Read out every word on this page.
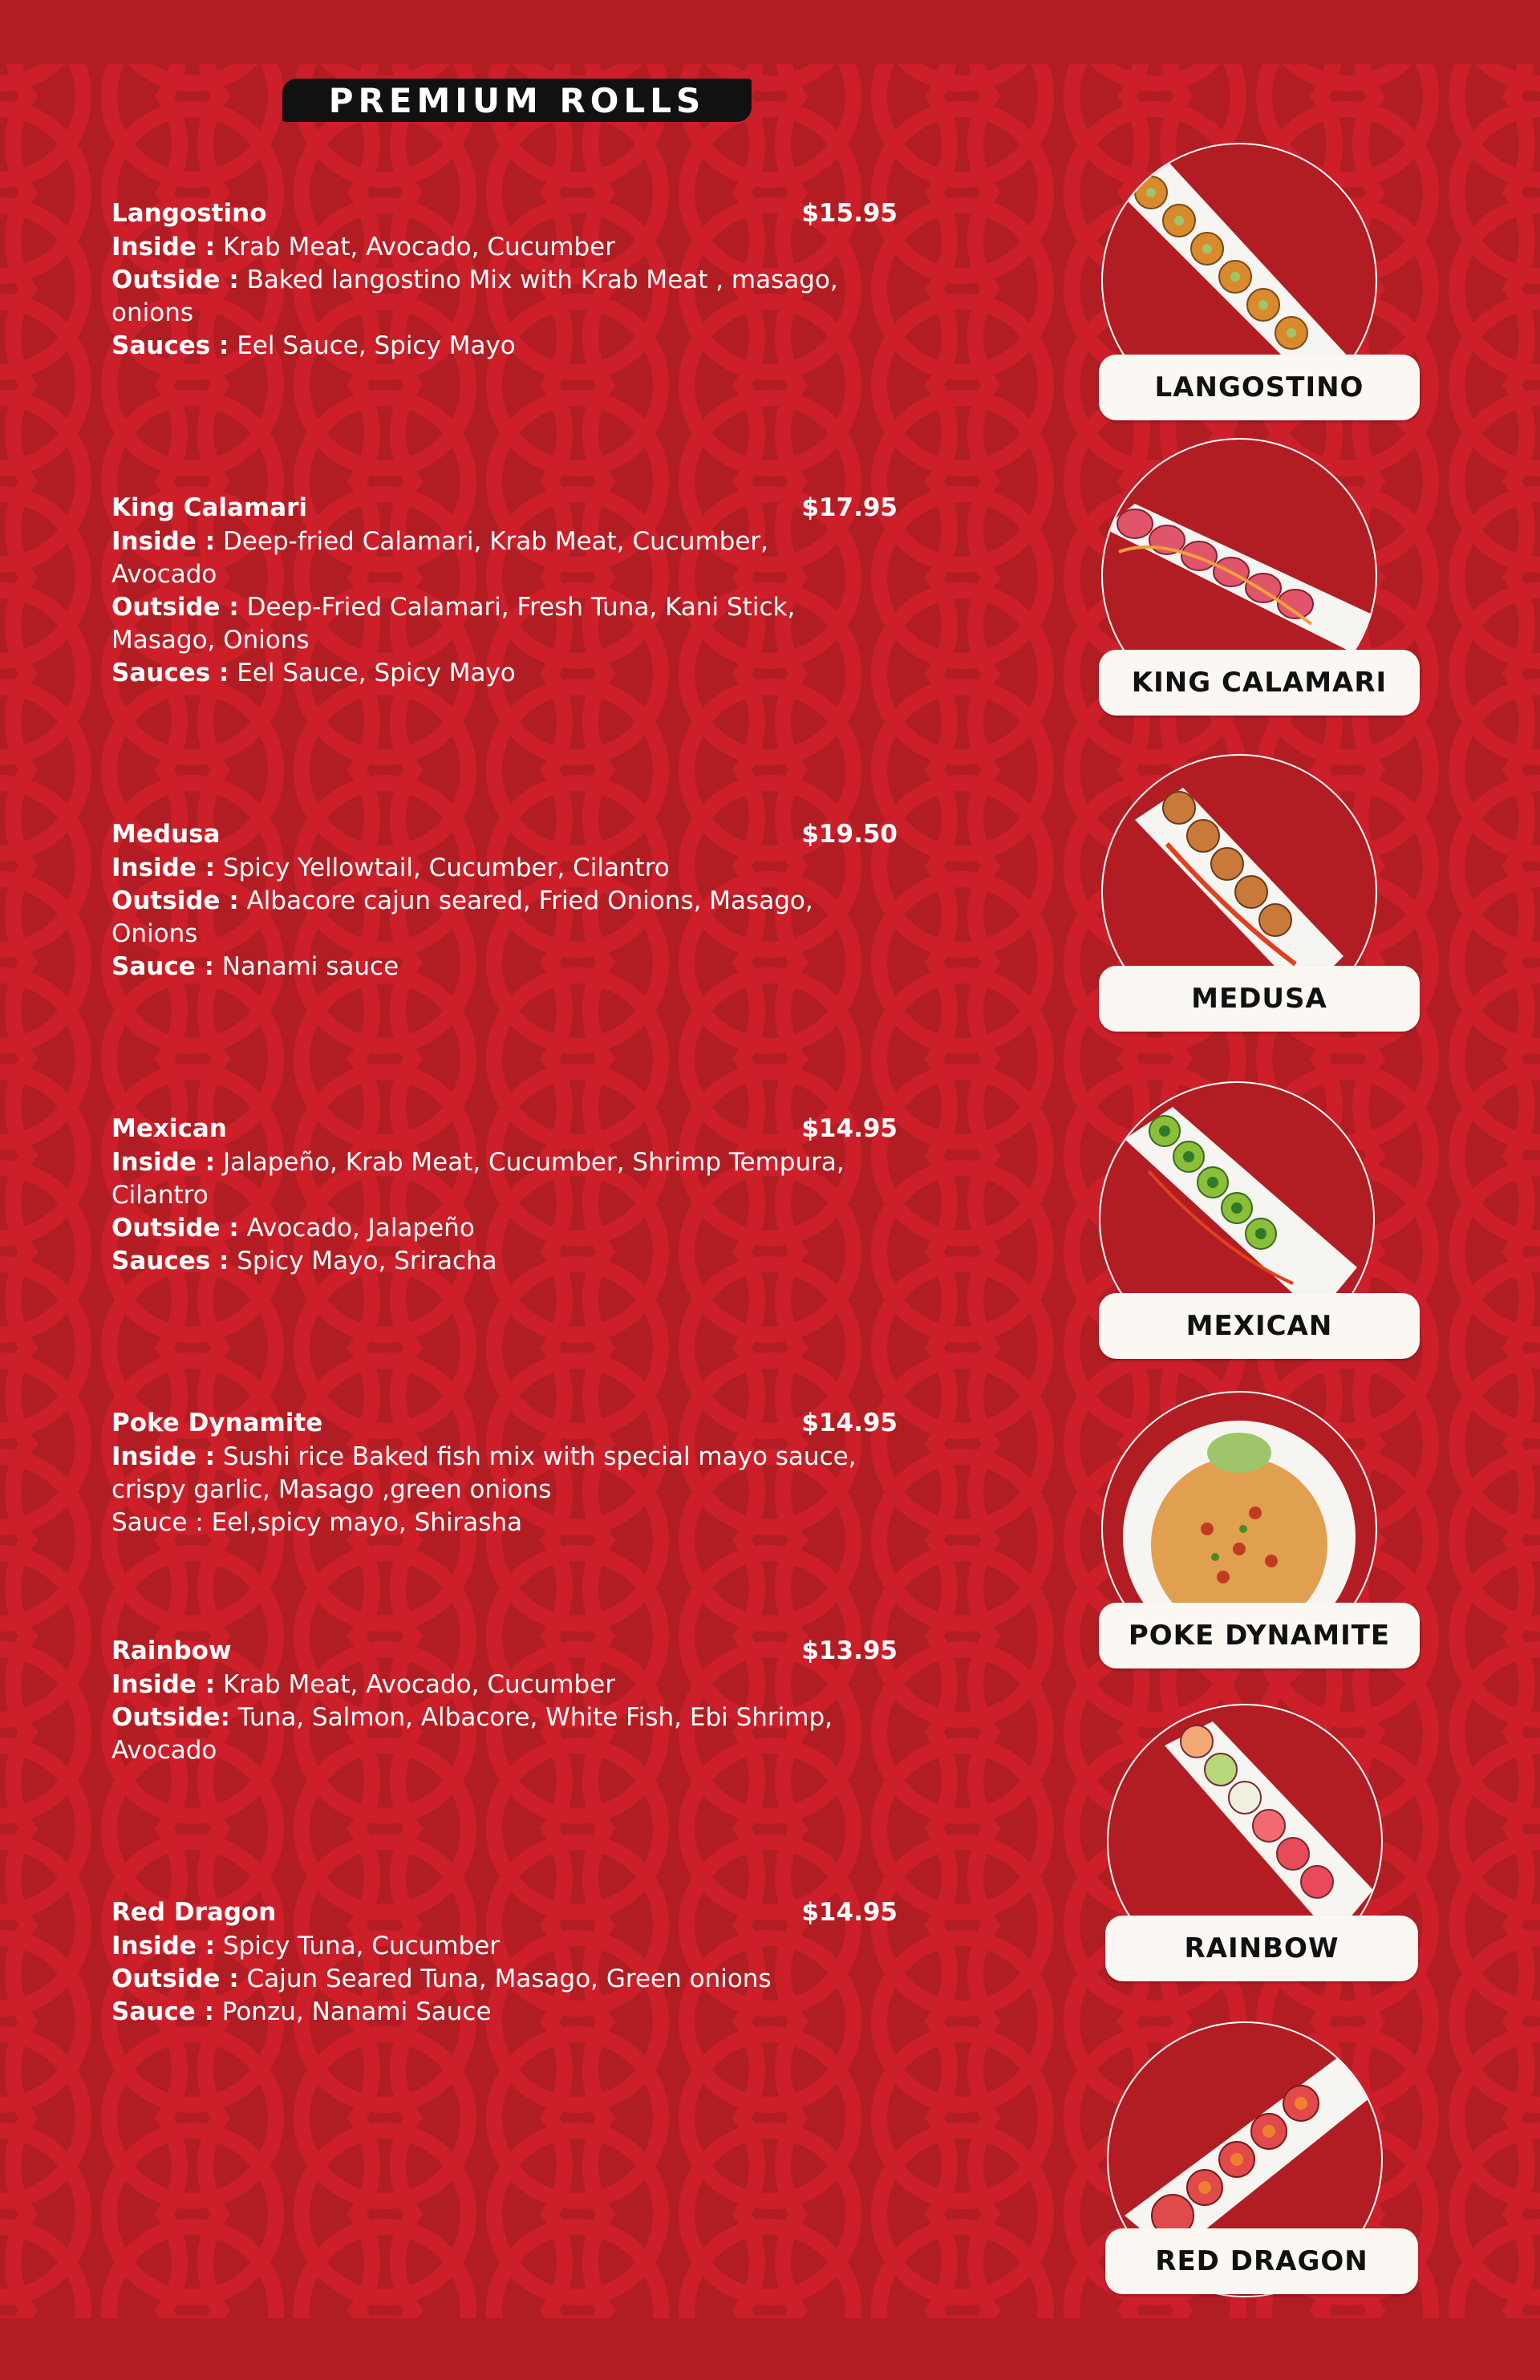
PREMIUM ROLLS
Langostino	$15.95

Inside : Krab Meat, Avocado, Cucumber

Outside : Baked langostino Mix with Krab Meat , masago,

onions

Sauces : Eel Sauce, Spicy Mayo

King Calamari	$17.95

Inside : Deep-fried Calamari, Krab Meat, Cucumber,

Avocado

Outside : Deep-Fried Calamari, Fresh Tuna, Kani Stick,

Masago, Onions

Sauces : Eel Sauce, Spicy Mayo

Medusa	$19.50

Inside : Spicy Yellowtail, Cucumber, Cilantro

Outside : Albacore cajun seared, Fried Onions, Masago,

Onions

Sauce : Nanami sauce

Mexican	$14.95

Inside : Jalapeño, Krab Meat, Cucumber, Shrimp Tempura,

Cilantro

Outside : Avocado, Jalapeño

Sauces : Spicy Mayo, Sriracha

Poke Dynamite	$14.95

Inside : Sushi rice Baked fish mix with special mayo sauce,

crispy garlic, Masago ,green onions

Sauce : Eel,spicy mayo, Shirasha

Rainbow	$13.95

Inside : Krab Meat, Avocado, Cucumber

Outside: Tuna, Salmon, Albacore, White Fish, Ebi Shrimp,

Avocado

Red Dragon	$14.95

Inside : Spicy Tuna, Cucumber

Outside : Cajun Seared Tuna, Masago, Green onions

Sauce : Ponzu, Nanami Sauce

LANGOSTINO
KING CALAMARI
MEDUSA
MEXICAN
POKE DYNAMITE
RAINBOW
RED DRAGON
